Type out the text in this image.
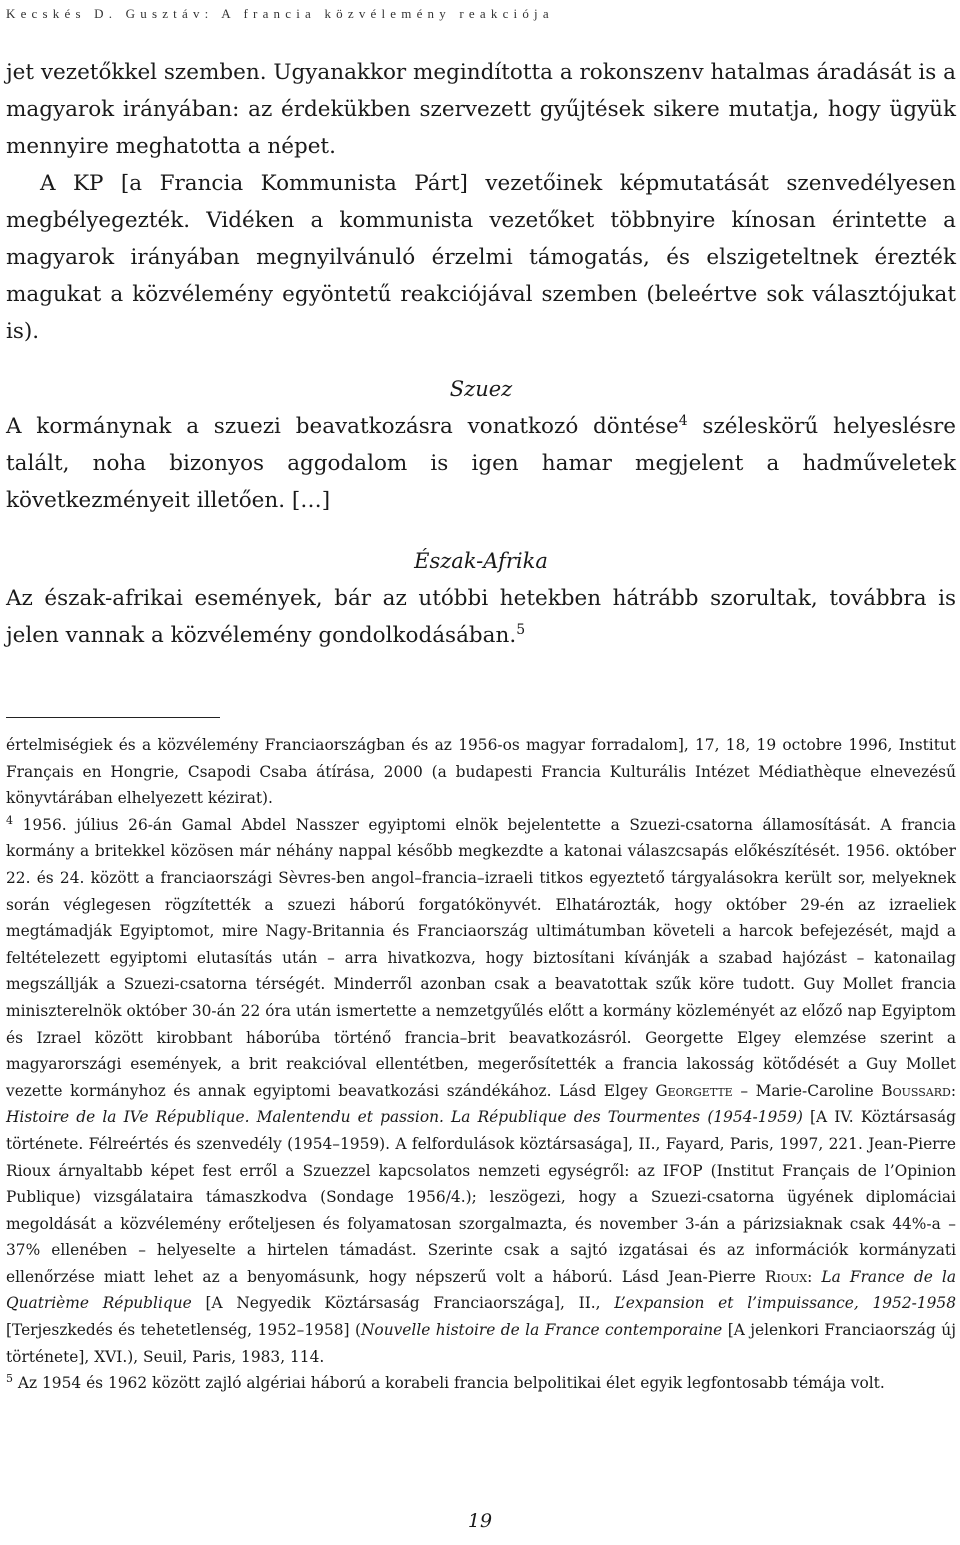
Kecskés D. Gusztáv: A francia közvélemény reakciója

jet vezetőkkel szemben. Ugyanakkor megindította a rokonszenv hatalmas áradását is a magyarok irányában: az érdekükben szervezett gyűjtések sikere mutatja, hogy ügyük mennyire meghatotta a népet.

A KP [a Francia Kommunista Párt] vezetőinek képmutatását szenvedélyesen megbélyegezték. Vidéken a kommunista vezetőket többnyire kínosan érintette a magyarok irányában megnyilvánuló érzelmi támogatás, és elszigeteltnek érezték magukat a közvélemény egyöntetű reakciójával szemben (beleértve sok választójukat is).

Szuez

A kormánynak a szuezi beavatkozásra vonatkozó döntése$^4$ széleskörű helyeslésre talált, noha bizonyos aggodalom is igen hamar megjelent a hadműveletek következményeit illetően. […]

Észak-Afrika

Az észak-afrikai események, bár az utóbbi hetekben hátrább szorultak, továbbra is jelen vannak a közvélemény gondolkodásában.$^5$

értelmiségiek és a közvélemény Franciaországban és az 1956-os magyar forradalom], 17, 18, 19 octobre 1996, Institut Français en Hongrie, Csapodi Csaba átírása, 2000 (a budapesti Francia Kulturális Intézet Médiathèque elnevezésű könyvtárában elhelyezett kézirat).

$^4$ 1956. július 26-án Gamal Abdel Nasszer egyiptomi elnök bejelentette a Szuezi-csatorna államosítását. A francia kormány a britekkel közösen már néhány nappal később megkezdte a katonai válaszcsapás előkészítését. 1956. október 22. és 24. között a franciaországi Sèvres-ben angol–francia–izraeli titkos egyeztető tárgyalásokra került sor, melyeknek során véglegesen rögzítették a szuezi háború forgatókönyvét. Elhatározták, hogy október 29-én az izraeliek megtámadják Egyiptomot, mire Nagy-Britannia és Franciaország ultimátumban követeli a harcok befejezését, majd a feltételezett egyiptomi elutasítás után – arra hivatkozva, hogy biztosítani kívánják a szabad hajózást – katonailag megszállják a Szuezi-csatorna térségét. Minderről azonban csak a beavatottak szűk köre tudott. Guy Mollet francia miniszterelnök október 30-án 22 óra után ismertette a nemzetgyűlés előtt a kormány közleményét az előző nap Egyiptom és Izrael között kirobbant háborúba történő francia–brit beavatkozásról. Georgette Elgey elemzése szerint a magyarországi események, a brit reakcióval ellentétben, megerősítették a francia lakosság kötődését a Guy Mollet vezette kormányhoz és annak egyiptomi beavatkozási szándékához. Lásd Elgey Georgette – Marie-Caroline Boussard: Histoire de la IVe République. Malentendu et passion. La République des Tourmentes (1954-1959) [A IV. Köztársaság története. Félreértés és szenvedély (1954–1959). A felfordulások köztársasága], II., Fayard, Paris, 1997, 221. Jean-Pierre Rioux árnyaltabb képet fest erről a Szuezzel kapcsolatos nemzeti egységről: az IFOP (Institut Français de l’Opinion Publique) vizsgálataira támaszkodva (Sondage 1956/4.); leszögezi, hogy a Szuezi-csatorna ügyének diplomáciai megoldását a közvélemény erőteljesen és folyamatosan szorgalmazta, és november 3-án a párizsiaknak csak 44%-a – 37% ellenében – helyeselte a hirtelen támadást. Szerinte csak a sajtó izgatásai és az információk kormányzati ellenőrzése miatt lehet az a benyomásunk, hogy népszerű volt a háború. Lásd Jean-Pierre Rioux: La France de la Quatrième République [A Negyedik Köztársaság Franciaországa], II., L’expansion et l’impuissance, 1952-1958 [Terjeszkedés és tehetetlenség, 1952–1958] (Nouvelle histoire de la France contemporaine [A jelenkori Franciaország új története], XVI.), Seuil, Paris, 1983, 114.

$^5$ Az 1954 és 1962 között zajló algériai háború a korabeli francia belpolitikai élet egyik legfontosabb témája volt.

19
